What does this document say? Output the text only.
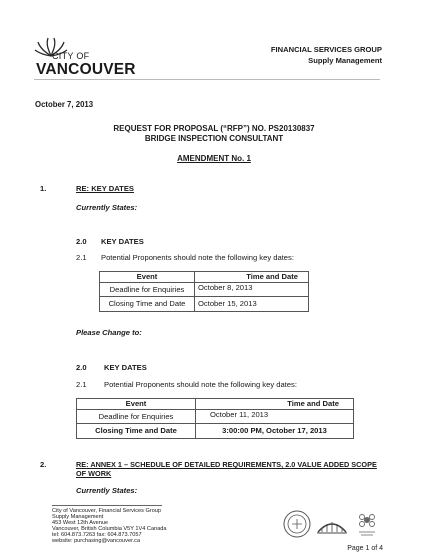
CITY OF
VANCOUVER
FINANCIAL SERVICES GROUP
Supply Management
October 7, 2013
REQUEST FOR PROPOSAL (“RFP”) NO. PS20130837
BRIDGE INSPECTION CONSULTANT
AMENDMENT No. 1
1.	RE: KEY DATES
Currently States:
2.0 KEY DATES
2.1 Potential Proponents should note the following key dates:
Event	Time and Date
Deadline for Enquiries	October 8, 2013
Closing Time and Date	October 15, 2013
Please Change to:
2.0 KEY DATES
2.1 Potential Proponents should note the following key dates:
Event	Time and Date
Deadline for Enquiries	October 11, 2013
Closing Time and Date	3:00:00 PM, October 17, 2013
2.	RE: ANNEX 1 – SCHEDULE OF DETAILED REQUIREMENTS, 2.0 VALUE ADDED SCOPE
OF WORK
Currently States:
City of Vancouver, Financial Services Group
Supply Management
453 West 12th Avenue
Vancouver, British Columbia V5Y 1V4 Canada
tel: 604.873.7263 fax: 604.873.7057
website: purchasing@vancouver.ca
Page 1 of 4
